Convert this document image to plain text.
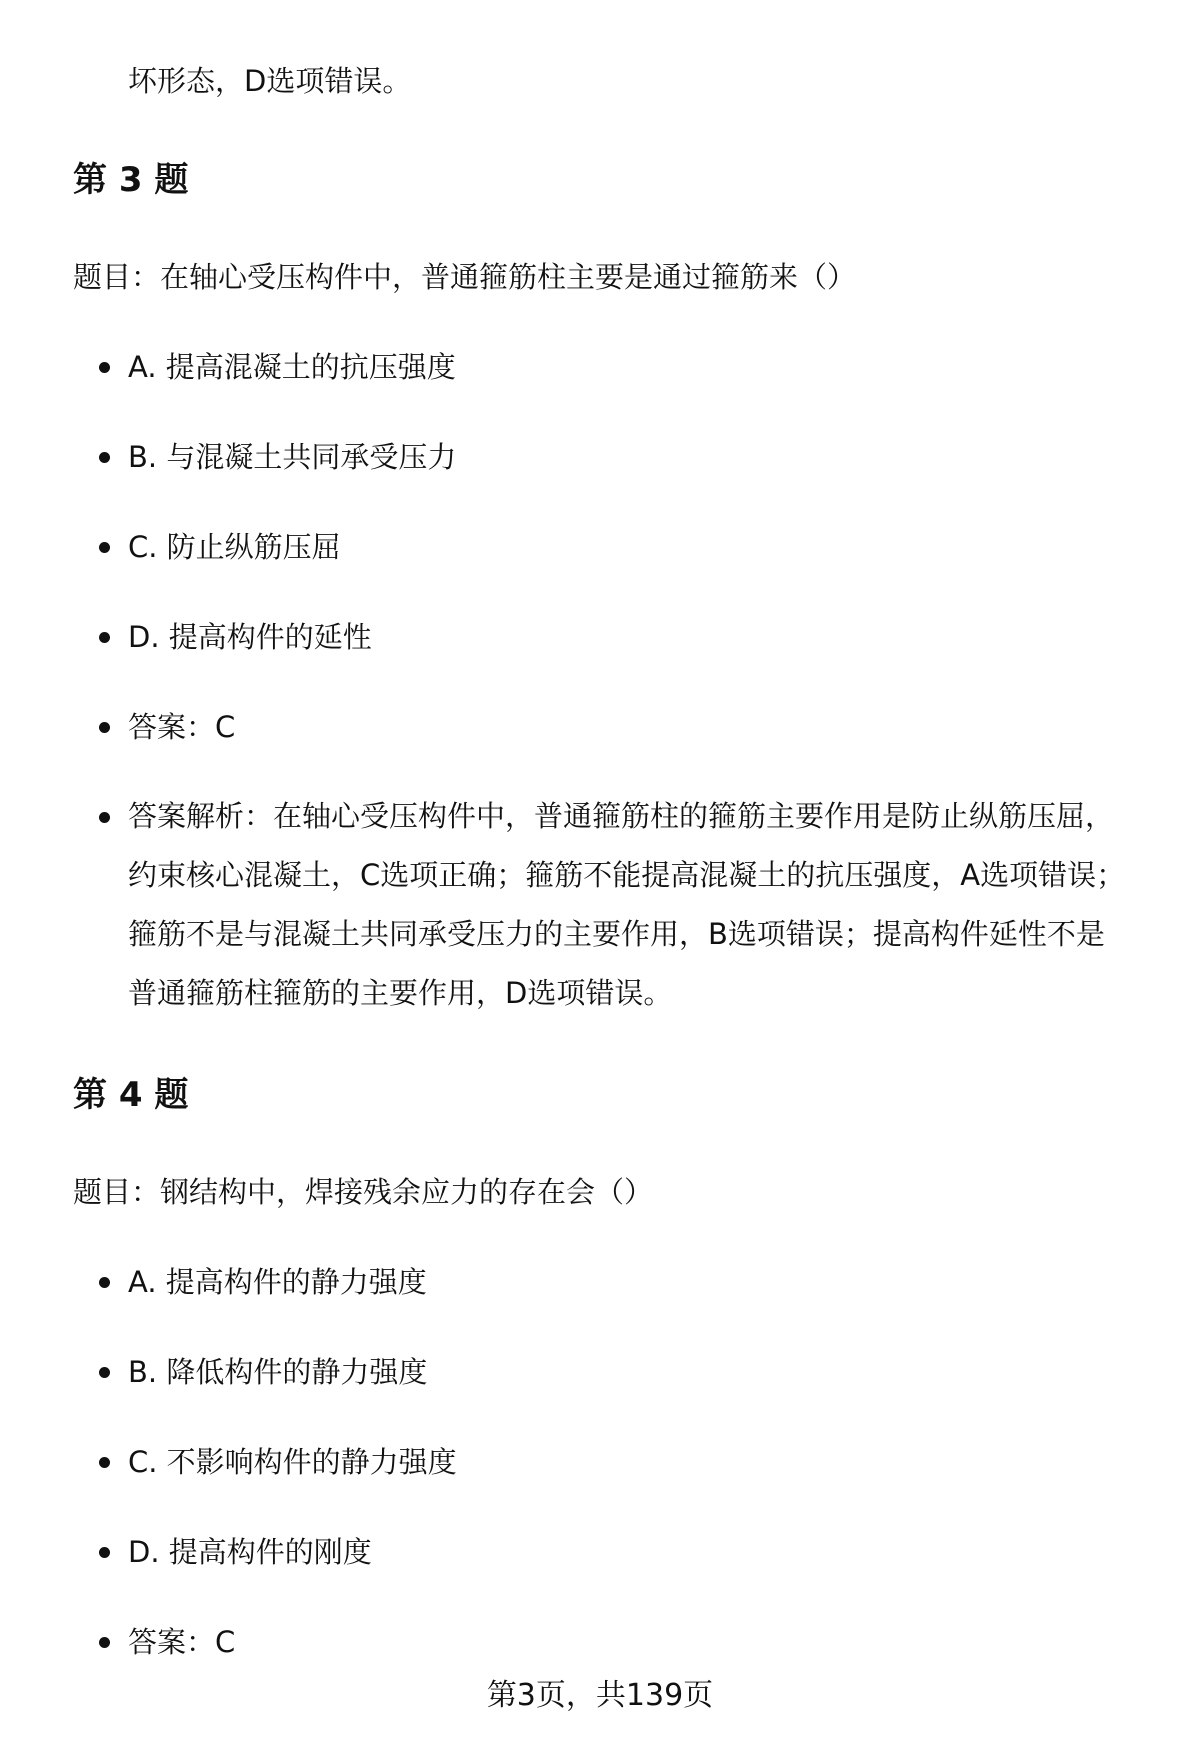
坏形态，D选项错误。

第 3 题

题目：在轴心受压构件中，普通箍筋柱主要是通过箍筋来（）

A. 提高混凝土的抗压强度

B. 与混凝土共同承受压力

C. 防止纵筋压屈

D. 提高构件的延性

答案：C

答案解析：在轴心受压构件中，普通箍筋柱的箍筋主要作用是防止纵筋压屈，
约束核心混凝土，C选项正确；箍筋不能提高混凝土的抗压强度，A选项错误；
箍筋不是与混凝土共同承受压力的主要作用，B选项错误；提高构件延性不是
普通箍筋柱箍筋的主要作用，D选项错误。
第 4 题

题目：钢结构中，焊接残余应力的存在会（）

A. 提高构件的静力强度

B. 降低构件的静力强度

C. 不影响构件的静力强度

D. 提高构件的刚度

答案：C

第3页，共139页
